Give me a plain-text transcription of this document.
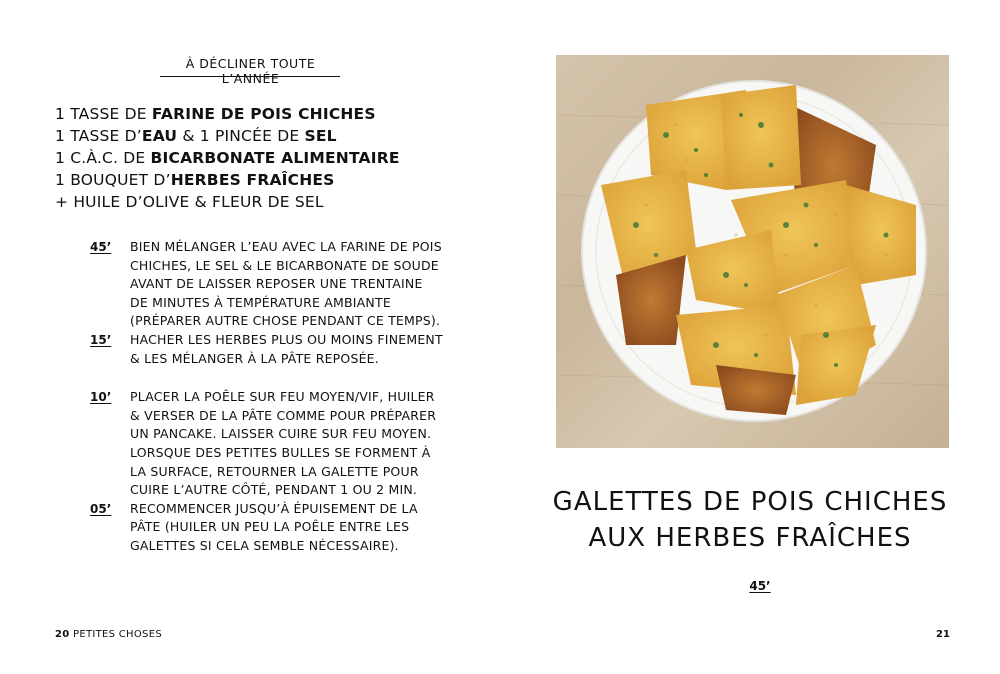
À DÉCLINER TOUTE L’ANNÉE
1 TASSE DE FARINE DE POIS CHICHES
1 TASSE D’EAU & 1 PINCÉE DE SEL
1 C.À.C. DE BICARBONATE ALIMENTAIRE
1 BOUQUET D’HERBES FRAÎCHES
+ HUILE D’OLIVE & FLEUR DE SEL
45’	BIEN MÉLANGER L’EAU AVEC LA FARINE DE POIS
CHICHES, LE SEL & LE BICARBONATE DE SOUDE
AVANT DE LAISSER REPOSER UNE TRENTAINE
DE MINUTES À TEMPÉRATURE AMBIANTE
(PRÉPARER AUTRE CHOSE PENDANT CE TEMPS).
15’	HACHER LES HERBES PLUS OU MOINS FINEMENT
& LES MÉLANGER À LA PÂTE REPOSÉE.
10’	PLACER LA POÊLE SUR FEU MOYEN/VIF, HUILER
& VERSER DE LA PÂTE COMME POUR PRÉPARER
UN PANCAKE. LAISSER CUIRE SUR FEU MOYEN.
LORSQUE DES PETITES BULLES SE FORMENT À
LA SURFACE, RETOURNER LA GALETTE POUR
CUIRE L’AUTRE CÔTÉ, PENDANT 1 OU 2 MIN.
05’	RECOMMENCER JUSQU’À ÉPUISEMENT DE LA
PÂTE (HUILER UN PEU LA POÊLE ENTRE LES
GALETTES SI CELA SEMBLE NÉCESSAIRE).
20 PETITES CHOSES
GALETTES DE POIS CHICHES
AUX HERBES FRAÎCHES
45’
21
